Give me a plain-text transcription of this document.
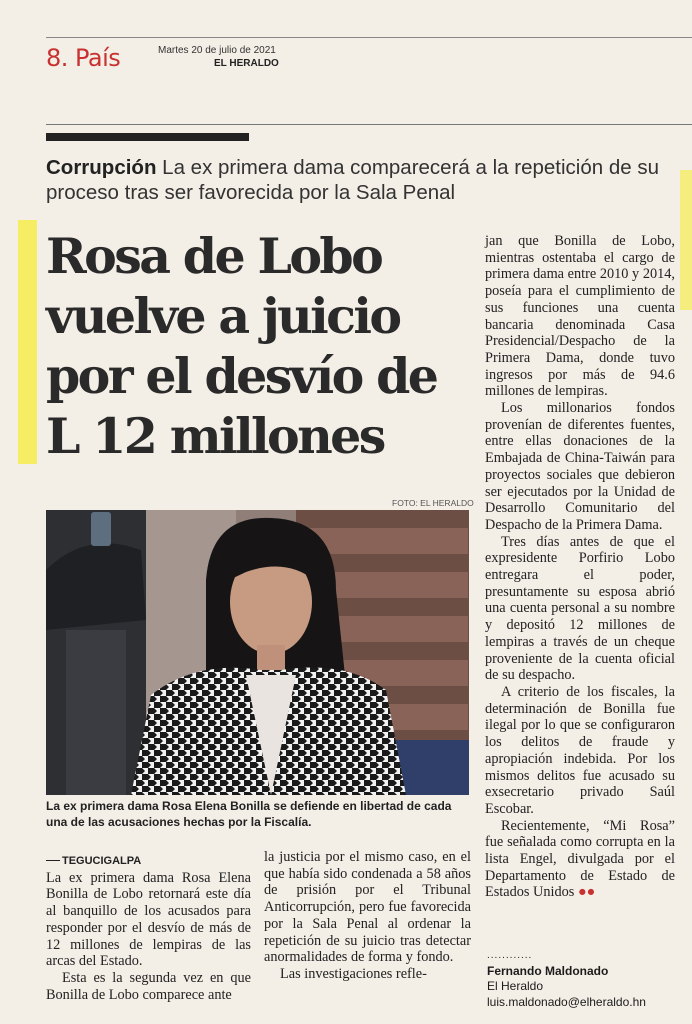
8. País	Martes 20 de julio de 2021
EL HERALDO
Corrupción La ex primera dama comparecerá a la repetición de su proceso tras ser favorecida por la Sala Penal
Rosa de Lobo
vuelve a juicio
por el desvío de
L 12 millones
FOTO: EL HERALDO
La ex primera dama Rosa Elena Bonilla se defiende en libertad de cada una de las acusaciones hechas por la Fiscalía.
TEGUCIGALPA

La ex primera dama Rosa Elena Bonilla de Lobo retornará este día al banquillo de los acusados para responder por el desvío de más de 12 millones de lempiras de las arcas del Estado.

Esta es la segunda vez en que Bonilla de Lobo comparece ante

la justicia por el mismo caso, en el que había sido condenada a 58 años de prisión por el Tribunal Anticorrupción, pero fue favorecida por la Sala Penal al ordenar la repetición de su juicio tras detectar anormalidades de forma y fondo.

Las investigaciones refle-

jan que Bonilla de Lobo, mientras ostentaba el cargo de primera dama entre 2010 y 2014, poseía para el cumplimiento de sus funciones una cuenta bancaria denominada Casa Presidencial/Despacho de la Primera Dama, donde tuvo ingresos por más de 94.6 millones de lempiras.

Los millonarios fondos provenían de diferentes fuentes, entre ellas donaciones de la Embajada de China-Taiwán para proyectos sociales que debieron ser ejecutados por la Unidad de Desarrollo Comunitario del Despacho de la Primera Dama.

Tres días antes de que el expresidente Porfirio Lobo entregara el poder, presuntamente su esposa abrió una cuenta personal a su nombre y depositó 12 millones de lempiras a través de un cheque proveniente de la cuenta oficial de su despacho.

A criterio de los fiscales, la determinación de Bonilla fue ilegal por lo que se configuraron los delitos de fraude y apropiación indebida. Por los mismos delitos fue acusado su exsecretario privado Saúl Escobar.

Recientemente, “Mi Rosa” fue señalada como corrupta en la lista Engel, divulgada por el Departamento de Estado de Estados Unidos ●●

............
Fernando Maldonado
El Heraldo
luis.maldonado@elheraldo.hn
